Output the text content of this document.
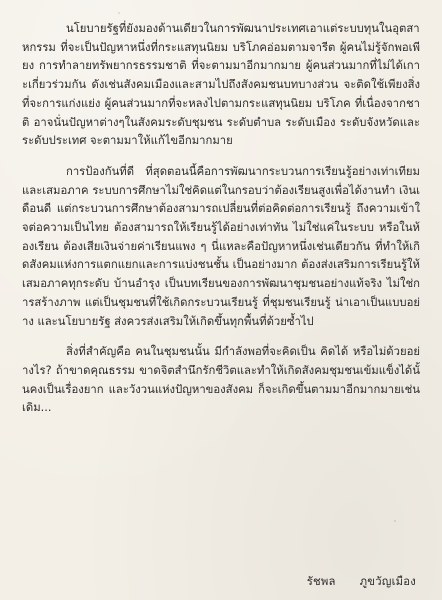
นโยบายรัฐที่ยังมองด้านเดียวในการพัฒนาประเทศเอาแต่ระบบทุนในอุตสาหกรรม ที่จะเป็นปัญหาหนึ่งที่กระแสทุนนิยม บริโภคอ่อมตามจารีต ผู้คนไม่รู้จักพอเพียง การทำลายทรัพยากรธรรมชาติ ที่จะตามมาอีกมากมาย ผู้คนส่วนมากที่ไม่ได้เกาะเกี่ยวร่วมกัน ดังเช่นสังคมเมืองและสามไปถึงสังคมชนบทบางส่วน จะติดใช้เพียงสิ่งที่จะการแก่งแย่ง ผู้คนส่วนมากที่จะหลงไปตามกระแสทุนนิยม บริโภค ที่เนื่องจากชาติ อาจนั่นปัญหาต่างๆในสังคมระดับชุมชน ระดับตำบล ระดับเมือง ระดับจังหวัดและระดับประเทศ จะตามมาให้แก้ไขอีกมากมาย

การป้องกันที่ดี ที่สุดตอนนี้คือการพัฒนากระบวนการเรียนรู้อย่างเท่าเทียม และเสมอภาค ระบบการศึกษาไม่ใช่คิดแต่ในกรอบว่าต้องเรียนสูงเพื่อได้งานทำ เงินเดือนดี แต่กระบวนการศึกษาต้องสามารถเปลี่ยนที่ต่อคิดต่อการเรียนรู้ ถึงความเข้าใจต่อความเป็นไทย ต้องสามารถให้เรียนรู้ได้อย่างเท่าทัน ไม่ใช่แค่ในระบบ หรือในห้องเรียน ต้องเสียเงินจ่ายค่าเรียนแพง ๆ นี่แหละคือปัญหาหนึ่งเช่นเดียวกัน ที่ทำให้เกิดสังคมแห่งการแตกแยกและการแบ่งชนชั้น เป็นอย่างมาก ต้องส่งเสริมการเรียนรู้ให้เสมอภาคทุกระดับ บ้านอำรุง เป็นบทเรียนของการพัฒนาชุมชนอย่างแท้จริง ไม่ใช่การสร้างภาพ แต่เป็นชุมชนที่ใช้เกิดกระบวนเรียนรู้ ที่ชุมชนเรียนรู้ น่าเอาเป็นแบบอย่าง และนโยบายรัฐ ส่งควรส่งเสริมให้เกิดขึ้นทุกพื้นที่ด้วยซ้ำไป

สิ่งที่สำคัญคือ คนในชุมชนนั้น มีกำลังพอที่จะคิดเป็น คิดได้ หรือไม่ด้วยอย่างไร? ถ้าขาดคุณธรรม ขาดจิตสำนึกรักชีวิตและทำให้เกิดสังคมชุมชนเข้มแข็งได้นั้นคงเป็นเรื่องยาก และวังวนแห่งปัญหาของสังคม ก็จะเกิดขึ้นตามมาอีกมากมายเช่นเดิม...

รัชพล ภูขวัญเมือง
